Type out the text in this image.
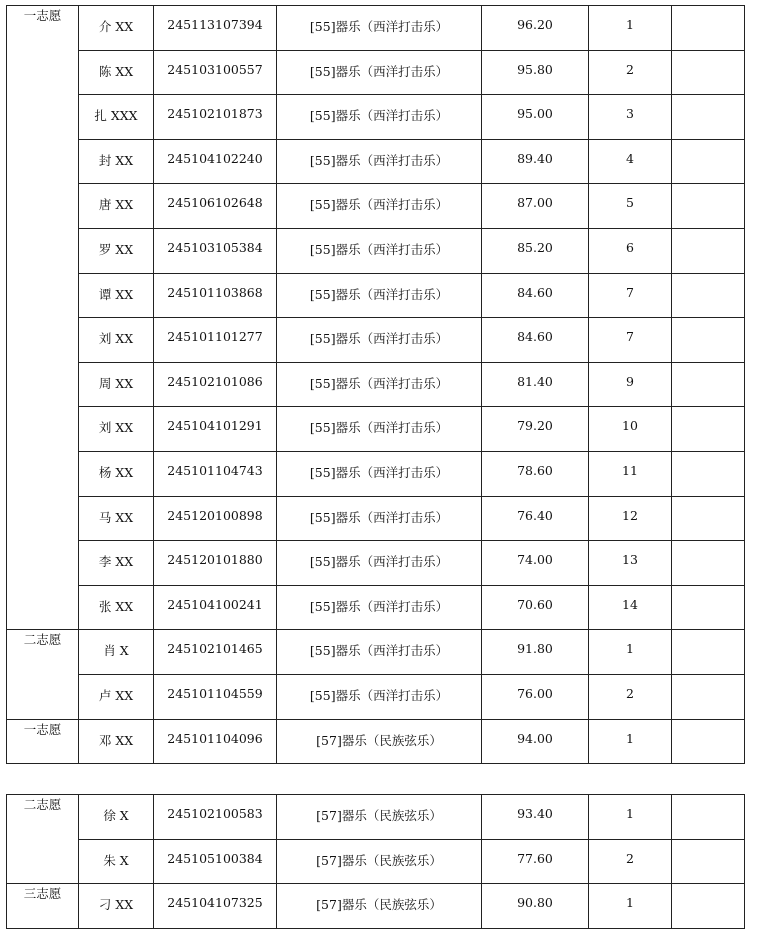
一志愿	介 XX	245113107394	[55]器乐（西洋打击乐）	96.20	1	

	陈 XX	245103100557	[55]器乐（西洋打击乐）	95.80	2	

	扎 XXX	245102101873	[55]器乐（西洋打击乐）	95.00	3	

	封 XX	245104102240	[55]器乐（西洋打击乐）	89.40	4	

	唐 XX	245106102648	[55]器乐（西洋打击乐）	87.00	5	

	罗 XX	245103105384	[55]器乐（西洋打击乐）	85.20	6	

	谭 XX	245101103868	[55]器乐（西洋打击乐）	84.60	7	

	刘 XX	245101101277	[55]器乐（西洋打击乐）	84.60	7	

	周 XX	245102101086	[55]器乐（西洋打击乐）	81.40	9	

	刘 XX	245104101291	[55]器乐（西洋打击乐）	79.20	10	

	杨 XX	245101104743	[55]器乐（西洋打击乐）	78.60	11	

	马 XX	245120100898	[55]器乐（西洋打击乐）	76.40	12	

	李 XX	245120101880	[55]器乐（西洋打击乐）	74.00	13	

	张 XX	245104100241	[55]器乐（西洋打击乐）	70.60	14	

二志愿	肖 X	245102101465	[55]器乐（西洋打击乐）	91.80	1	

	卢 XX	245101104559	[55]器乐（西洋打击乐）	76.00	2	

一志愿	邓 XX	245101104096	[57]器乐（民族弦乐）	94.00	1	

二志愿	徐 X	245102100583	[57]器乐（民族弦乐）	93.40	1	

	朱 X	245105100384	[57]器乐（民族弦乐）	77.60	2	

三志愿	刁 XX	245104107325	[57]器乐（民族弦乐）	90.80	1	
